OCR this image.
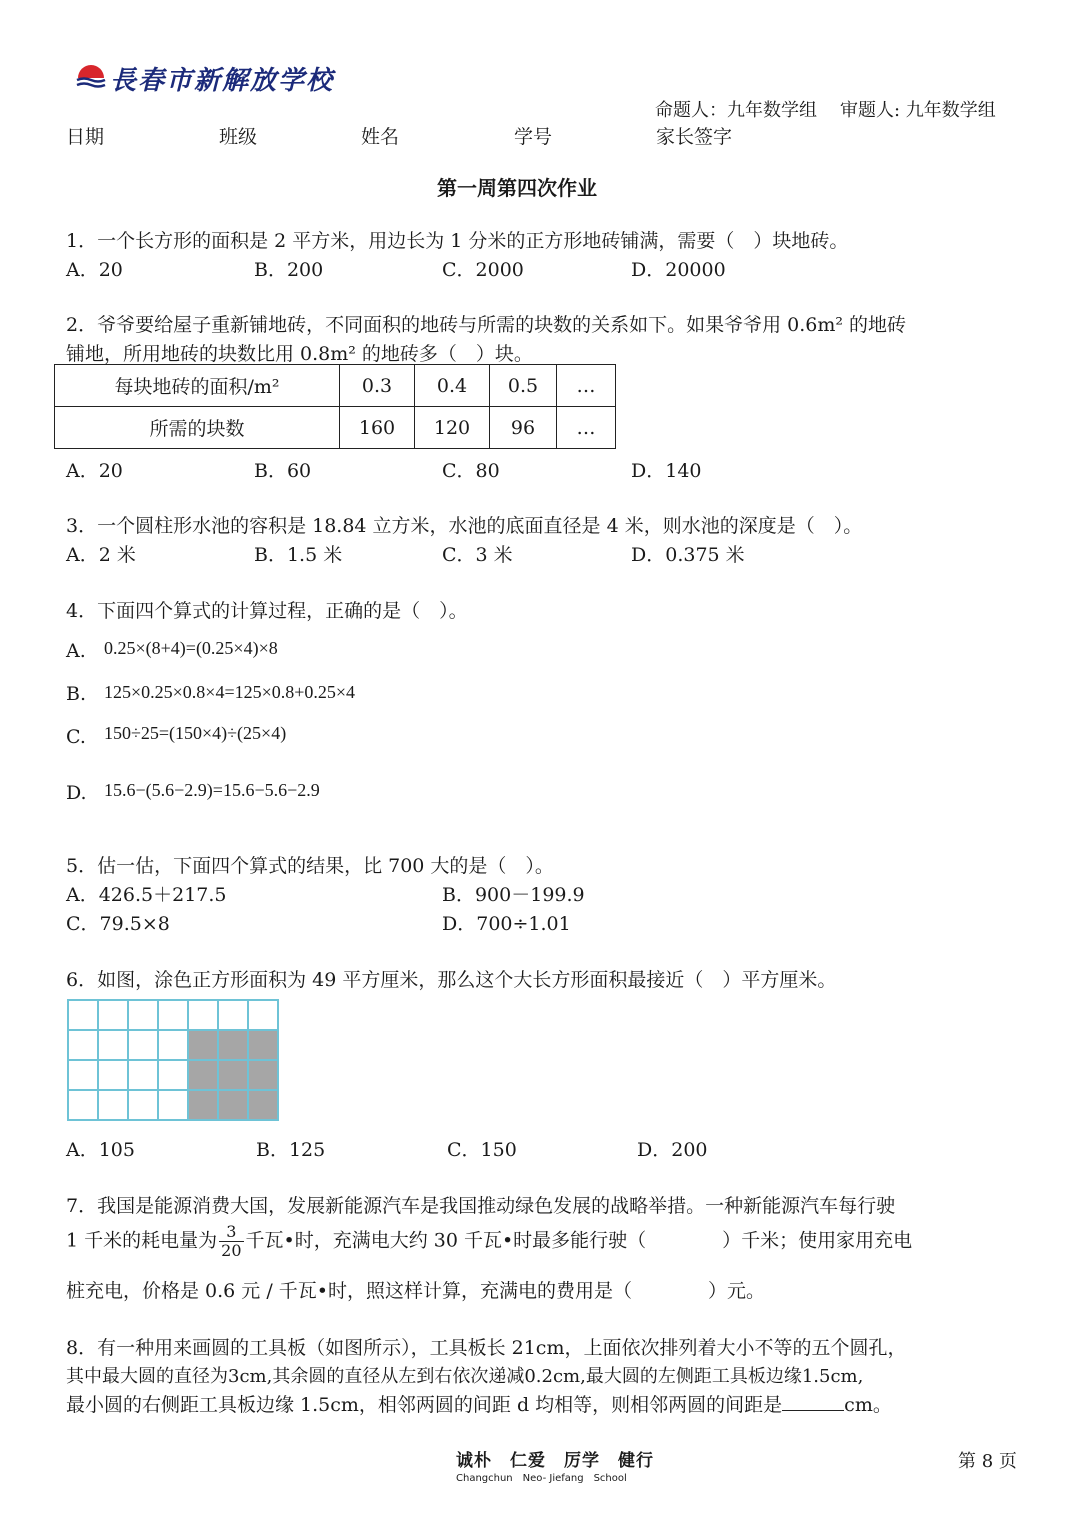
長春市新解放学校
命题人：九年数学组 审题人: 九年数学组
日期	班级	姓名	学号	家长签字
第一周第四次作业
1．一个长方形的面积是 2 平方米，用边长为 1 分米的正方形地砖铺满，需要（　）块地砖。
A．20	B．200	C．2000	D．20000
2．爷爷要给屋子重新铺地砖，不同面积的地砖与所需的块数的关系如下。如果爷爷用 0.6m² 的地砖
铺地，所用地砖的块数比用 0.8m² 的地砖多（　）块。
每块地砖的面积/m²	0.3	0.4	0.5	…
所需的块数	160	120	96	…
A．20	B．60	C．80	D．140
3．一个圆柱形水池的容积是 18.84 立方米，水池的底面直径是 4 米，则水池的深度是（　）。
A．2 米	B．1.5 米	C．3 米	D．0.375 米
4．下面四个算式的计算过程，正确的是（　）。
A. 0.25×(8+4)=(0.25×4)×8
B. 125×0.25×0.8×4=125×0.8+0.25×4
C. 150÷25=(150×4)÷(25×4)
D. 15.6−(5.6−2.9)=15.6−5.6−2.9
5．估一估，下面四个算式的结果，比 700 大的是（　）。
A．426.5＋217.5	B．900－199.9
C．79.5×8	D．700÷1.01
6．如图，涂色正方形面积为 49 平方厘米，那么这个大长方形面积最接近（　）平方厘米。
A．105	B．125	C．150	D．200
7．我国是能源消费大国，发展新能源汽车是我国推动绿色发展的战略举措。一种新能源汽车每行驶
1 千米的耗电量为 $\frac{3}{20}$ 千瓦•时，充满电大约 30 千瓦•时最多能行驶（　　　　）千米；使用家用充电
桩充电，价格是 0.6 元 / 千瓦•时，照这样计算，充满电的费用是（　　　　）元。
8．有一种用来画圆的工具板（如图所示），工具板长 21cm，上面依次排列着大小不等的五个圆孔，
其中最大圆的直径为3cm,其余圆的直径从左到右依次递减0.2cm,最大圆的左侧距工具板边缘1.5cm,
最小圆的右侧距工具板边缘 1.5cm，相邻两圆的间距 d 均相等，则相邻两圆的间距是	cm。
诚朴　仁爱　厉学　健行
Changchun　Neo- Jiefang　School
第 8 页
